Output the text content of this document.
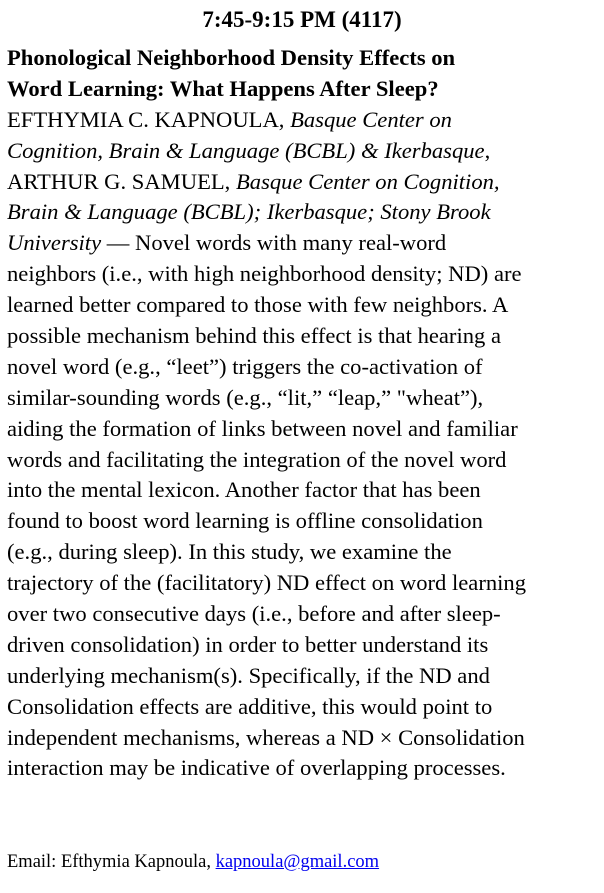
7:45-9:15 PM (4117)
Phonological Neighborhood Density Effects on
Word Learning: What Happens After Sleep?
EFTHYMIA C. KAPNOULA, Basque Center on
Cognition, Brain & Language (BCBL) & Ikerbasque,
ARTHUR G. SAMUEL, Basque Center on Cognition,
Brain & Language (BCBL); Ikerbasque; Stony Brook
University — Novel words with many real-word
neighbors (i.e., with high neighborhood density; ND) are
learned better compared to those with few neighbors. A
possible mechanism behind this effect is that hearing a
novel word (e.g., “leet”) triggers the co-activation of
similar-sounding words (e.g., “lit,” “leap,” "wheat”),
aiding the formation of links between novel and familiar
words and facilitating the integration of the novel word
into the mental lexicon. Another factor that has been
found to boost word learning is offline consolidation
(e.g., during sleep). In this study, we examine the
trajectory of the (facilitatory) ND effect on word learning
over two consecutive days (i.e., before and after sleep-
driven consolidation) in order to better understand its
underlying mechanism(s). Specifically, if the ND and
Consolidation effects are additive, this would point to
independent mechanisms, whereas a ND × Consolidation
interaction may be indicative of overlapping processes.
Email: Efthymia Kapnoula, kapnoula@gmail.com
